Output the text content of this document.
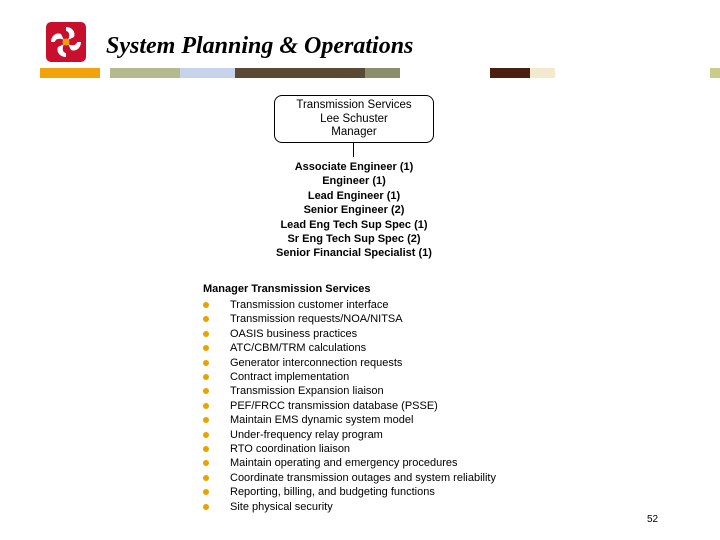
System Planning & Operations
Transmission Services
Lee Schuster
Manager
Associate Engineer (1)
Engineer (1)
Lead Engineer (1)
Senior Engineer (2)
Lead Eng Tech Sup Spec (1)
Sr Eng Tech Sup Spec (2)
Senior Financial Specialist (1)
Manager Transmission Services
Transmission customer interface
Transmission requests/NOA/NITSA
OASIS business practices
ATC/CBM/TRM calculations
Generator interconnection requests
Contract implementation
Transmission Expansion liaison
PEF/FRCC transmission database (PSSE)
Maintain EMS dynamic system model
Under-frequency relay program
RTO coordination liaison
Maintain operating and emergency procedures
Coordinate transmission outages and system reliability
Reporting, billing, and budgeting functions
Site physical security
52
